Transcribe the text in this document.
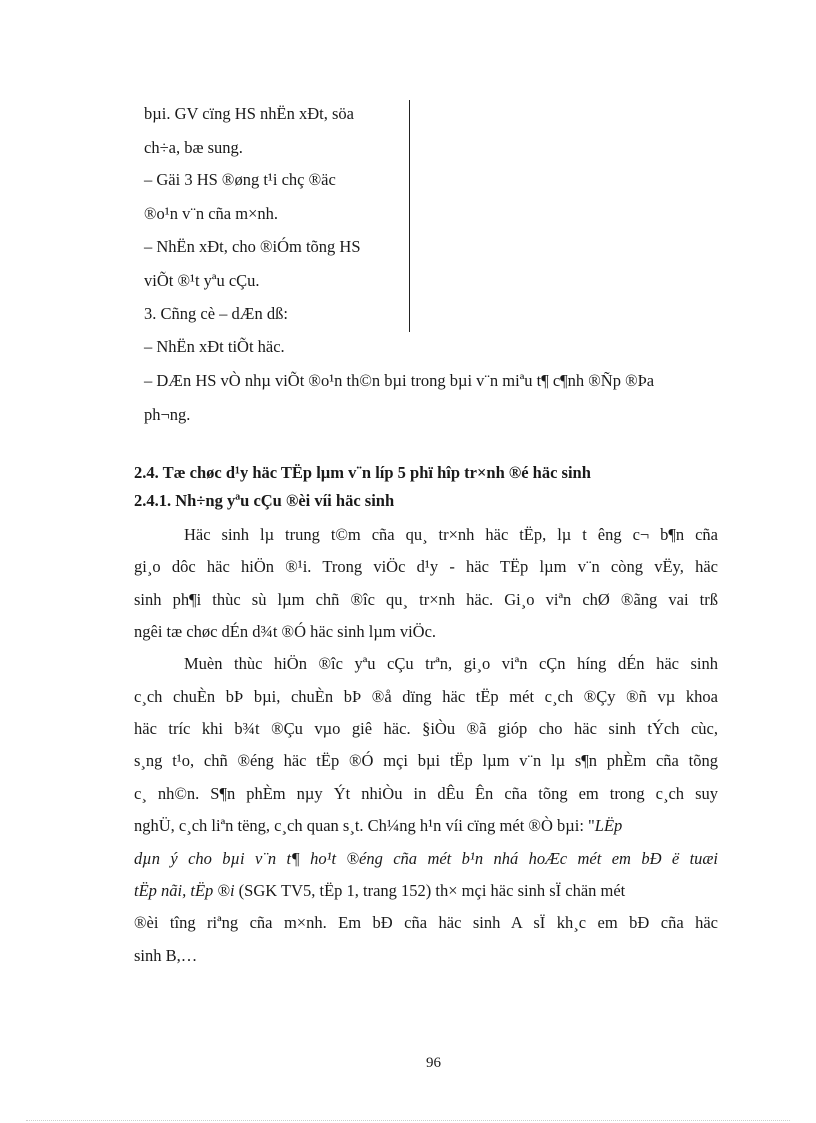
bµi. GV cïng HS nhËn xÐt, söa
ch÷a, bæ sung.
– Gäi 3 HS ®øng t¹i chç ®äc
®o¹n v¨n cña m×nh.
– NhËn xÐt, cho ®iÓm tõng HS
viÕt ®¹t yªu cÇu.
3. Cñng cè – dÆn dß:
– NhËn xÐt tiÕt häc.
– DÆn HS vÒ nhµ viÕt ®o¹n th©n bµi trong bµi v¨n miªu t¶ c¶nh ®Ñp ®Þa
ph¬ng.
2.4. Tæ chøc d¹y häc TËp lµm v¨n líp 5 phï hîp tr×nh ®é häc sinh
2.4.1. Nh÷ng yªu cÇu ®èi víi häc sinh
Häc sinh lµ trung t©m cña qu¸ tr×nh häc tËp, lµ t êng c¬ b¶n cña
gi¸o dôc häc hiÖn ®¹i. Trong viÖc d¹y - häc TËp lµm v¨n còng vËy, häc
sinh ph¶i thùc sù lµm chñ ®îc qu¸ tr×nh häc. Gi¸o viªn chØ ®ãng vai trß
ngêi tæ chøc dÉn d¾t ®Ó häc sinh lµm viÖc.
Muèn thùc hiÖn ®îc yªu cÇu trªn, gi¸o viªn cÇn híng dÉn häc sinh
c¸ch chuÈn bÞ bµi, chuÈn bÞ ®å dïng häc tËp mét c¸ch ®Çy ®ñ vµ khoa
häc tríc khi b¾t ®Çu vµo giê häc. §iÒu ®ã gióp cho häc sinh tÝch cùc,
s¸ng t¹o, chñ ®éng häc tËp ®Ó mçi bµi tËp lµm v¨n lµ s¶n phÈm cña tõng
c¸ nh©n. S¶n phÈm nµy Ýt nhiÒu in dÊu Ên cña tõng em trong c¸ch suy
nghÜ, c¸ch liªn tëng, c¸ch quan s¸t. Ch¼ng h¹n víi cïng mét ®Ò bµi: "LËp
dµn ý cho bµi v¨n t¶ ho¹t ®éng cña mét b¹n nhá hoÆc mét em bÐ ë tuæi
tËp nãi, tËp ®i (SGK TV5, tËp 1, trang 152) th× mçi häc sinh sÏ chän mét
®èi tîng riªng cña m×nh. Em bÐ cña häc sinh A sÏ kh¸c em bÐ cña häc
sinh B,…
96
